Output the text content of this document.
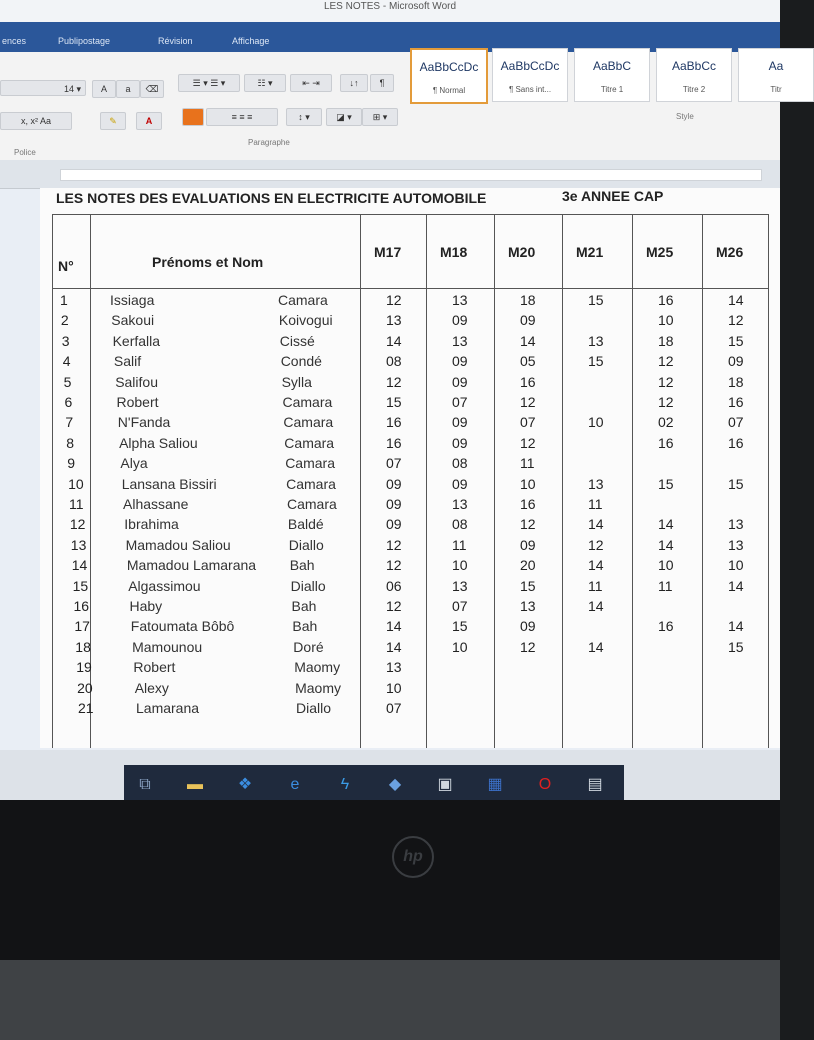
LES NOTES - Microsoft Word
ences	Publipostage	Révision	Affichage
14 ▾	A	a	⌫
x, x² Aa	✎	A
☰ ▾ ☰ ▾	☷ ▾	⇤ ⇥	↓↑	¶
≡ ≡ ≡	↕ ▾	◪ ▾	⊞ ▾
Police
Paragraphe
Style
AaBbCcDc
¶ Normal
AaBbCcDc
¶ Sans int...
AaBbC
Titre 1
AaBbCc
Titre 2
Aa
Titr
LES NOTES DES EVALUATIONS EN ELECTRICITE AUTOMOBILE	3e ANNEE CAP
N°	Prénoms et Nom
M17	M18	M20	M21	M25	M26
1	Issiaga	Camara	12	13	18	15	16	14
2	Sakoui	Koivogui	13	09	09	10	12
3	Kerfalla	Cissé	14	13	14	13	18	15
4	Salif	Condé	08	09	05	15	12	09
5	Salifou	Sylla	12	09	16	12	18
6	Robert	Camara	15	07	12	12	16
7	N'Fanda	Camara	16	09	07	10	02	07
8	Alpha Saliou	Camara	16	09	12	16	16
9	Alya	Camara	07	08	11
10	Lansana Bissiri	Camara	09	09	10	13	15	15
11	Alhassane	Camara	09	13	16	11
12	Ibrahima	Baldé	09	08	12	14	14	13
13	Mamadou Saliou	Diallo	12	11	09	12	14	13
14	Mamadou Lamarana Bah	12	10	20	14	10	10
15	Algassimou	Diallo	06	13	15	11	11	14
16	Haby	Bah	12	07	13	14
17	Fatoumata Bôbô	Bah	14	15	09	16	14
18	Mamounou	Doré	14	10	12	14	15
19	Robert	Maomy	13
20	Alexy	Maomy	10
21	Lamarana	Diallo	07
⧉	▬ ❖	e	ϟ	◆	▣ ▦ O ▤
hp
